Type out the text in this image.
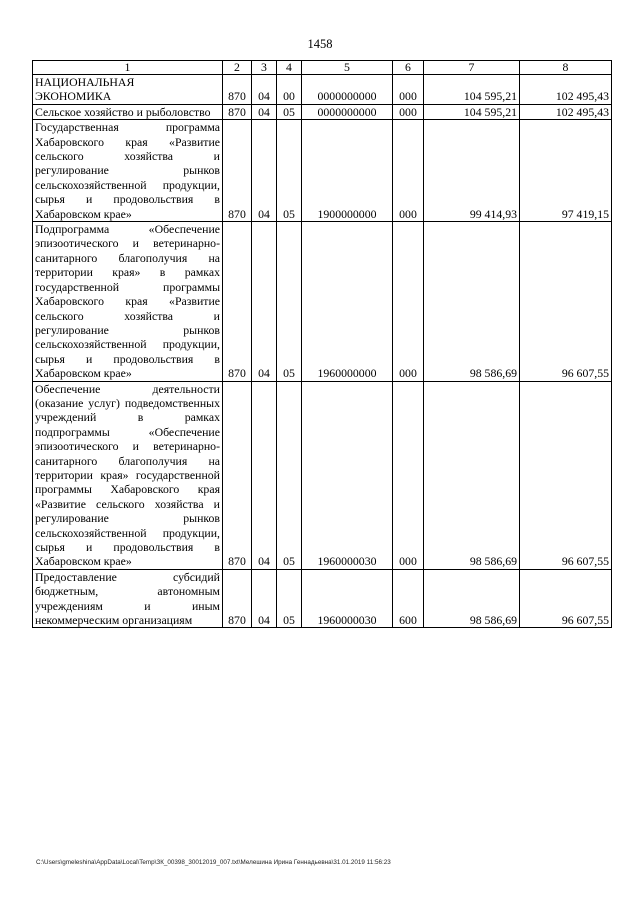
1458
1	2	3	4	5	6	7	8

НАЦИОНАЛЬНАЯ ЭКОНОМИКА	870	04	00	0000000000	000	104 595,21	102 495,43
Сельское хозяйство и рыболовство	870	04	05	0000000000	000	104 595,21	102 495,43
Государственная программа Хабаровского края «Развитие сельского хозяйства и регулирование рынков сельскохозяйственной продукции, сырья и продовольствия в Хабаровском крае»	870	04	05	1900000000	000	99 414,93	97 419,15
Подпрограмма «Обеспечение эпизоотического и ветеринарно-санитарного благополучия на территории края» в рамках государственной программы Хабаровского края «Развитие сельского хозяйства и регулирование рынков сельскохозяйственной продукции, сырья и продовольствия в Хабаровском крае»	870	04	05	1960000000	000	98 586,69	96 607,55
Обеспечение деятельности (оказание услуг) подведомственных учреждений в рамках подпрограммы «Обеспечение эпизоотического и ветеринарно-санитарного благополучия на территории края» государственной программы Хабаровского края «Развитие сельского хозяйства и регулирование рынков сельскохозяйственной продукции, сырья и продовольствия в Хабаровском крае»	870	04	05	1960000030	000	98 586,69	96 607,55
Предоставление субсидий бюджетным, автономным учреждениям и иным некоммерческим организациям	870	04	05	1960000030	600	98 586,69	96 607,55
C:\Users\gmeleshina\AppData\Local\Temp\ЗК_00398_30012019_007.txt\Мелешина Ирина Геннадьевна\31.01.2019 11:56:23
